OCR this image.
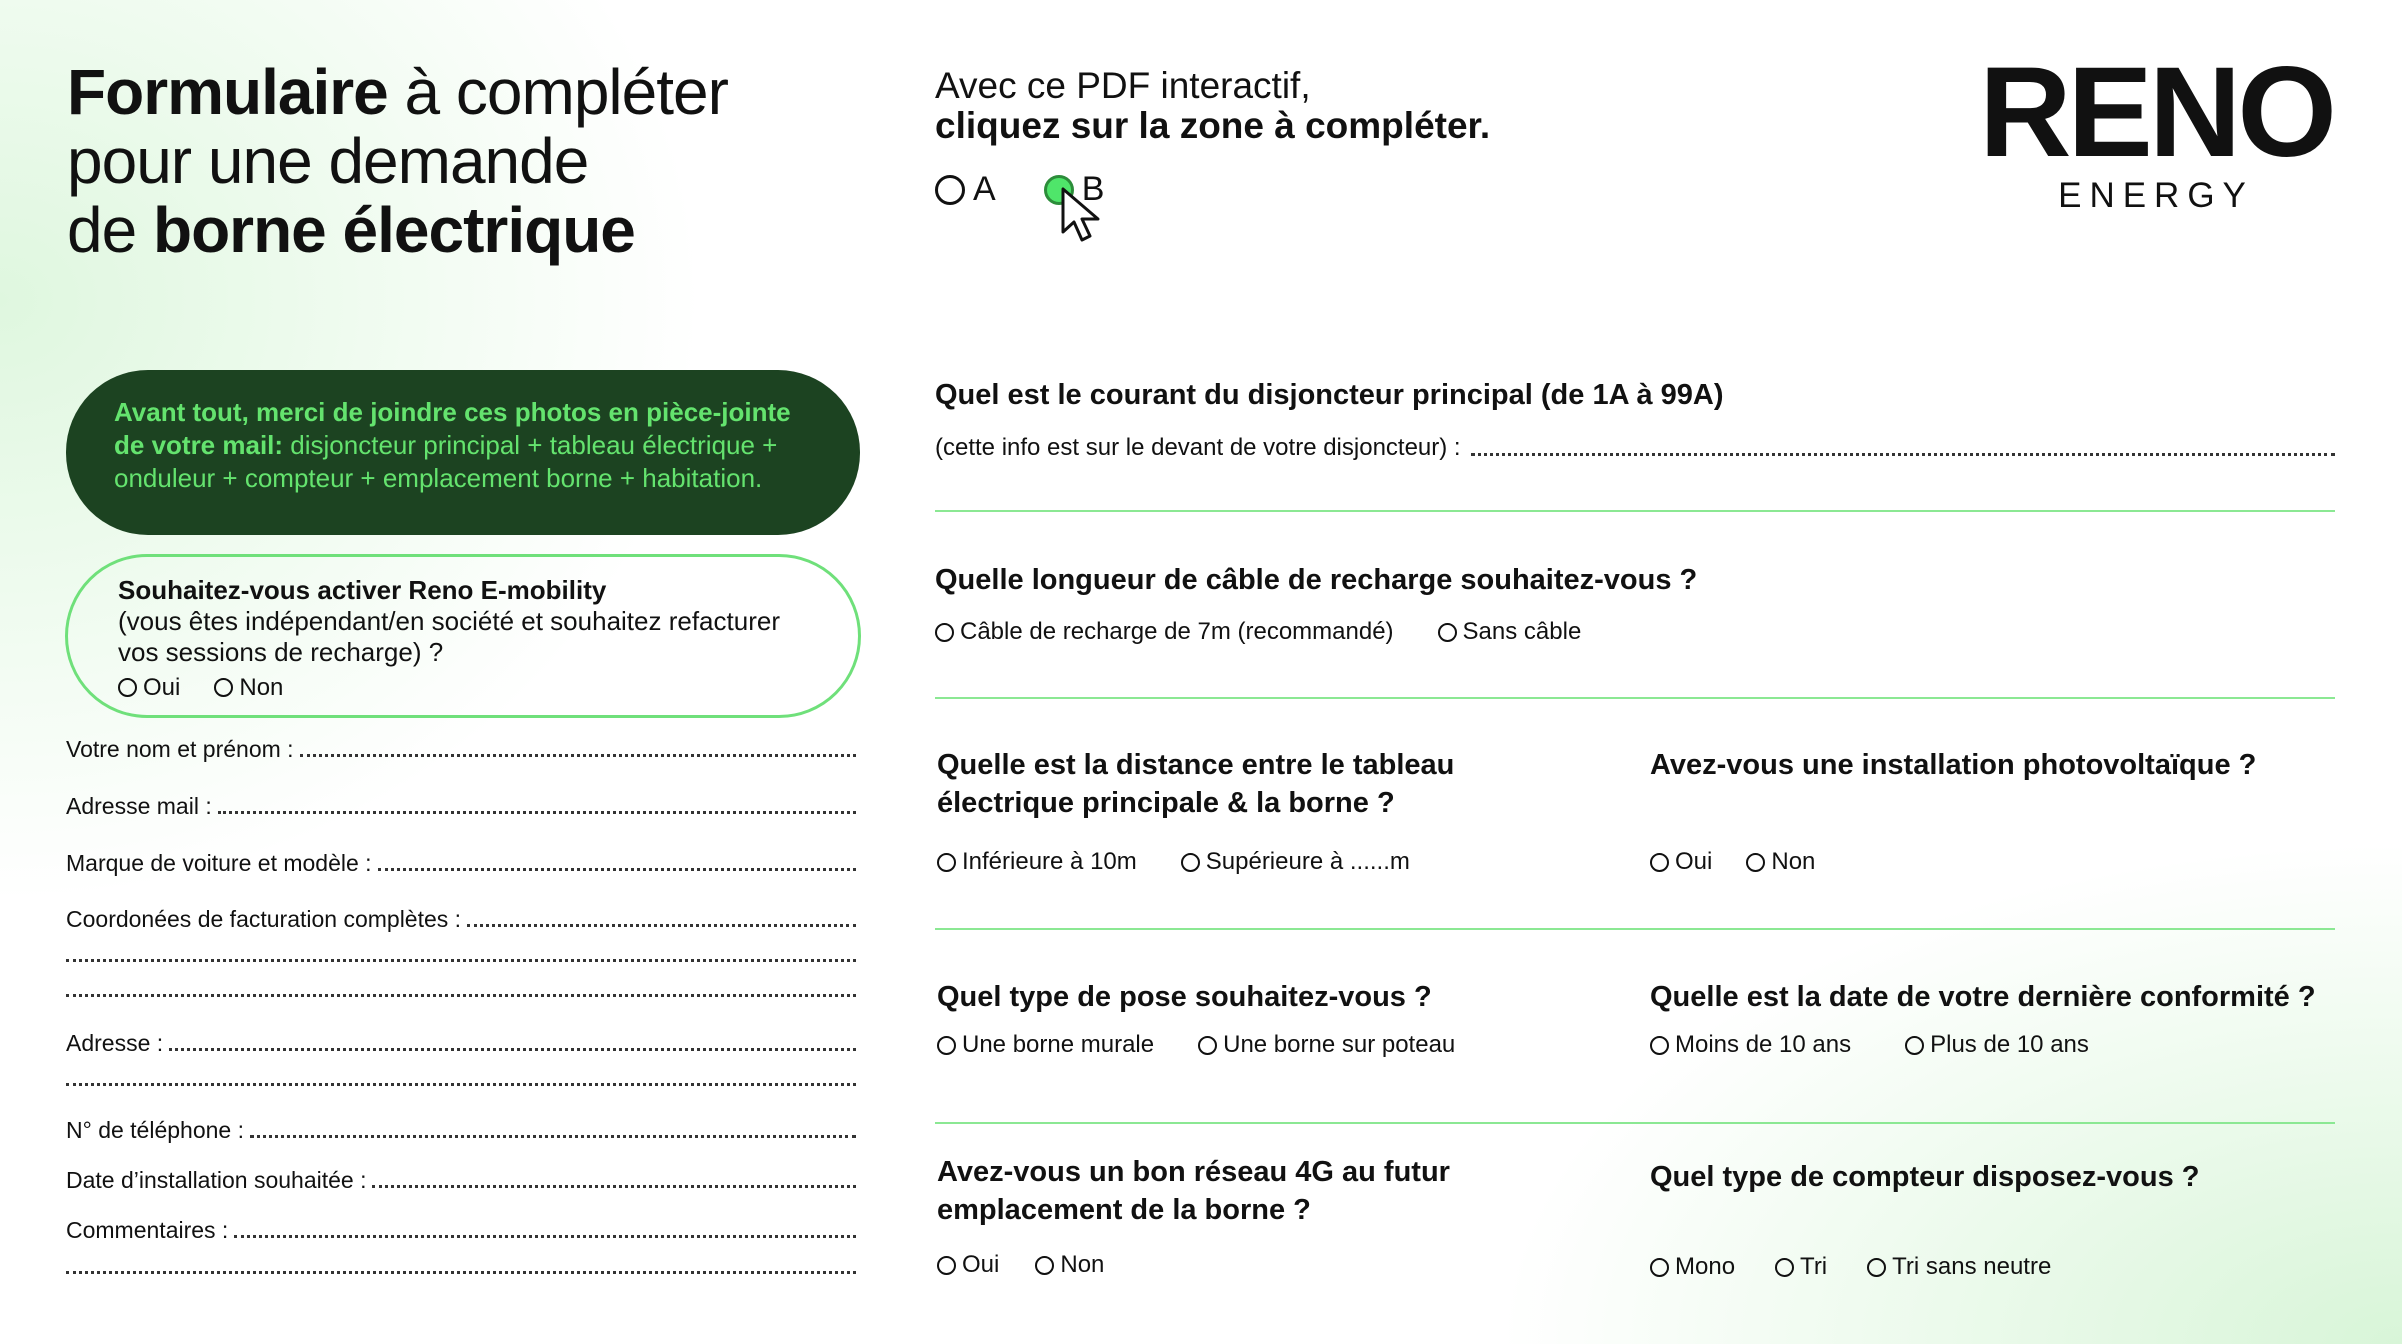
Formulaire à compléter
pour une demande
de borne électrique
Avec ce PDF interactif,
cliquez sur la zone à compléter.
A	B
RENO
ENERGY
Avant tout, merci de joindre ces photos en pièce-jointe de votre mail: disjoncteur principal + tableau électrique + onduleur + compteur + emplacement borne + habitation.
Souhaitez-vous activer Reno E-mobility
(vous êtes indépendant/en société et souhaitez refacturer vos sessions de recharge) ?
Oui Non
Votre nom et prénom :
Adresse mail :
Marque de voiture et modèle :
Coordonées de facturation complètes :
Adresse :
N° de téléphone :
Date d’installation souhaitée :
Commentaires :
Quel est le courant du disjoncteur principal (de 1A à 99A)
(cette info est sur le devant de votre disjoncteur) :
Quelle longueur de câble de recharge souhaitez-vous ?
Câble de recharge de 7m (recommandé)	Sans câble
Quelle est la distance entre le tableau électrique principale & la borne ?
Inférieure à 10m	Supérieure à ......m
Avez-vous une installation photovoltaïque ?
Oui Non
Quel type de pose souhaitez-vous ?
Une borne murale	Une borne sur poteau
Quelle est la date de votre dernière conformité ?
Moins de 10 ans	Plus de 10 ans
Avez-vous un bon réseau 4G au futur emplacement de la borne ?
Oui	Non
Quel type de compteur disposez-vous ?
Mono	Tri	Tri sans neutre
